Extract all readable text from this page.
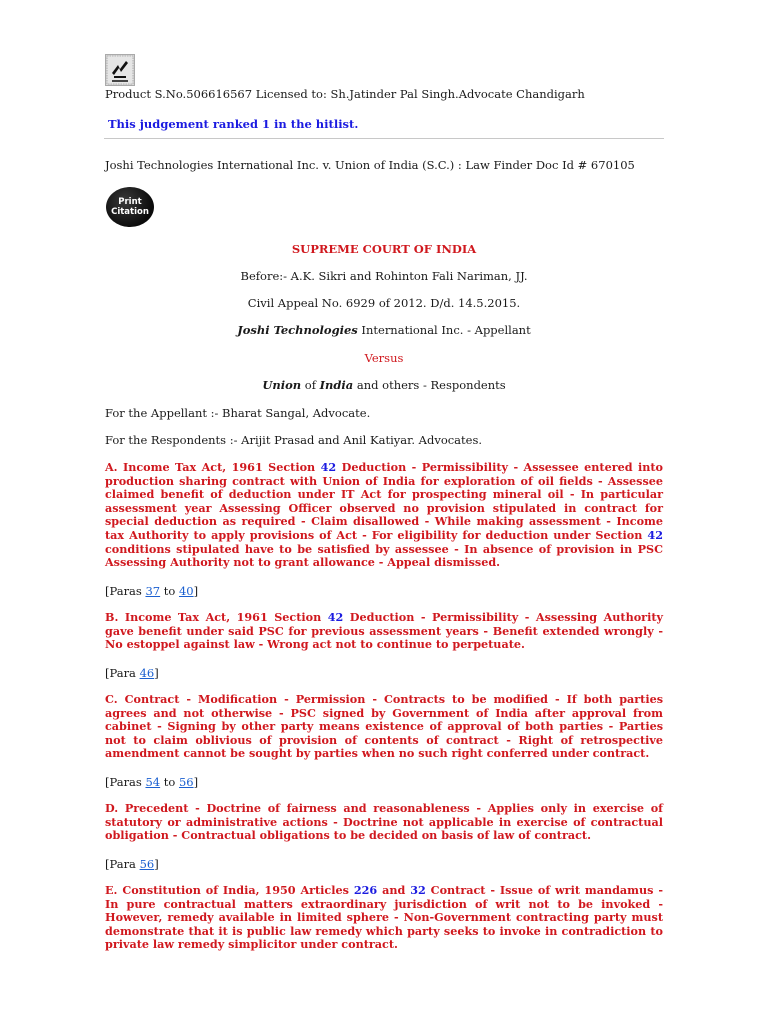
Product S.No.506616567 Licensed to: Sh.Jatinder Pal Singh.Advocate Chandigarh
This judgement ranked 1 in the hitlist.
Joshi Technologies International Inc. v. Union of India (S.C.) : Law Finder Doc Id # 670105
Print
Citation
SUPREME COURT OF INDIA
Before:- A.K. Sikri and Rohinton Fali Nariman, JJ.
Civil Appeal No. 6929 of 2012. D/d. 14.5.2015.
Joshi Technologies International Inc. - Appellant
Versus
Union of India and others - Respondents
For the Appellant :- Bharat Sangal, Advocate.
For the Respondents :- Arijit Prasad and Anil Katiyar. Advocates.
A. Income Tax Act, 1961 Section 42 Deduction - Permissibility - Assessee entered into production sharing contract with Union of India for exploration of oil fields - Assessee claimed benefit of deduction under IT Act for prospecting mineral oil - In particular assessment year Assessing Officer observed no provision stipulated in contract for special deduction as required - Claim disallowed - While making assessment - Income tax Authority to apply provisions of Act - For eligibility for deduction under Section 42 conditions stipulated have to be satisfied by assessee - In absence of provision in PSC Assessing Authority not to grant allowance - Appeal dismissed.
[Paras 37 to 40]
B. Income Tax Act, 1961 Section 42 Deduction - Permissibility - Assessing Authority gave benefit under said PSC for previous assessment years - Benefit extended wrongly - No estoppel against law - Wrong act not to continue to perpetuate.
[Para 46]
C. Contract - Modification - Permission - Contracts to be modified - If both parties agrees and not otherwise - PSC signed by Government of India after approval from cabinet - Signing by other party means existence of approval of both parties - Parties not to claim oblivious of provision of contents of contract - Right of retrospective amendment cannot be sought by parties when no such right conferred under contract.
[Paras 54 to 56]
D. Precedent - Doctrine of fairness and reasonableness - Applies only in exercise of statutory or administrative actions - Doctrine not applicable in exercise of contractual obligation - Contractual obligations to be decided on basis of law of contract.
[Para 56]
E. Constitution of India, 1950 Articles 226 and 32 Contract - Issue of writ mandamus - In pure contractual matters extraordinary jurisdiction of writ not to be invoked - However, remedy available in limited sphere - Non-Government contracting party must demonstrate that it is public law remedy which party seeks to invoke in contradiction to private law remedy simplicitor under contract.
